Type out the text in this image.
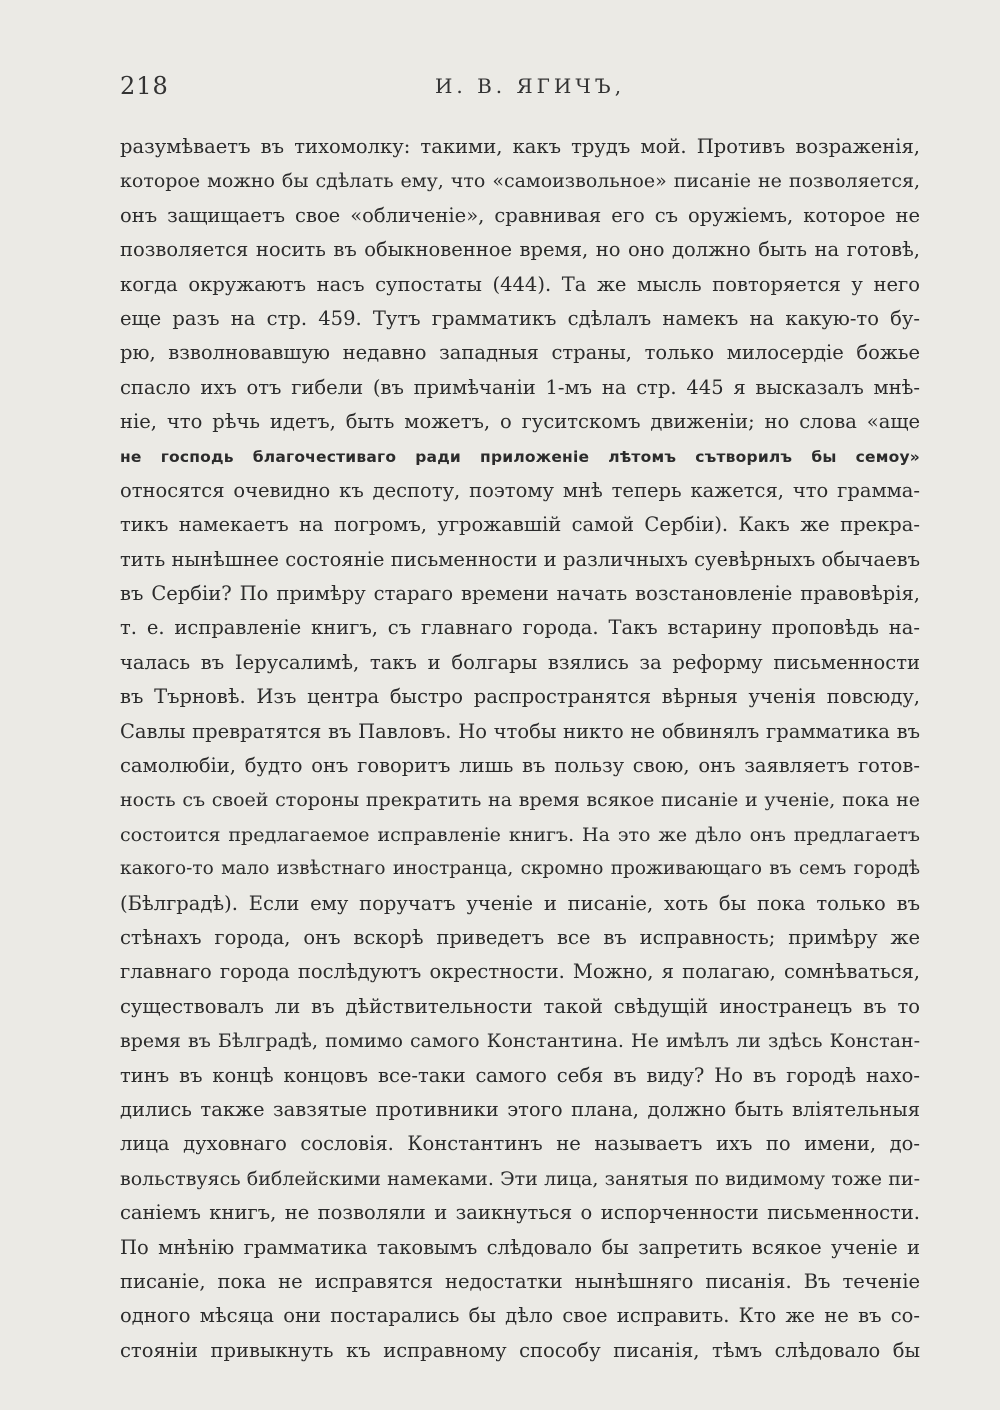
218	И. В. ЯГИЧЪ,
разумѣваетъ въ тихомолку: такими, какъ трудъ мой. Противъ возраженія,
которое можно бы сдѣлать ему, что «самоизвольное» писаніе не позволяется,
онъ защищаетъ свое «обличеніе», сравнивая его съ оружіемъ, которое не
позволяется носить въ обыкновенное время, но оно должно быть на готовѣ,
когда окружаютъ насъ супостаты (444). Та же мысль повторяется у него
еще разъ на стр. 459. Тутъ грамматикъ сдѣлалъ намекъ на какую-то бу-
рю, взволновавшую недавно западныя страны, только милосердіе божье
спасло ихъ отъ гибели (въ примѣчаніи 1-мъ на стр. 445 я высказалъ мнѣ-
ніе, что рѣчь идетъ, быть можетъ, о гуситскомъ движеніи; но слова «аще
не господь благочестиваго ради приложеніе лѣтомъ сътворилъ бы семоу»
относятся очевидно къ деспоту, поэтому мнѣ теперь кажется, что грамма-
тикъ намекаетъ на погромъ, угрожавшій самой Сербіи). Какъ же прекра-
тить нынѣшнее состояніе письменности и различныхъ суевѣрныхъ обычаевъ
въ Сербіи? По примѣру стараго времени начать возстановленіе правовѣрія,
т. е. исправленіе книгъ, съ главнаго города. Такъ встарину проповѣдь на-
чалась въ Іерусалимѣ, такъ и болгары взялись за реформу письменности
въ Търновѣ. Изъ центра быстро распространятся вѣрныя ученія повсюду,
Савлы превратятся въ Павловъ. Но чтобы никто не обвинялъ грамматика въ
самолюбіи, будто онъ говоритъ лишь въ пользу свою, онъ заявляетъ готов-
ность съ своей стороны прекратить на время всякое писаніе и ученіе, пока не
состоится предлагаемое исправленіе книгъ. На это же дѣло онъ предлагаетъ
какого-то мало извѣстнаго иностранца, скромно проживающаго въ семъ городѣ
(Бѣлградѣ). Если ему поручатъ ученіе и писаніе, хоть бы пока только въ
стѣнахъ города, онъ вскорѣ приведетъ все въ исправность; примѣру же
главнаго города послѣдуютъ окрестности. Можно, я полагаю, сомнѣваться,
существовалъ ли въ дѣйствительности такой свѣдущій иностранецъ въ то
время въ Бѣлградѣ, помимо самого Константина. Не имѣлъ ли здѣсь Констан-
тинъ въ концѣ концовъ все-таки самого себя въ виду? Но въ городѣ нахо-
дились также завзятые противники этого плана, должно быть вліятельныя
лица духовнаго сословія. Константинъ не называетъ ихъ по имени, до-
вольствуясь библейскими намеками. Эти лица, занятыя по видимому тоже пи-
саніемъ книгъ, не позволяли и заикнуться о испорченности письменности.
По мнѣнію грамматика таковымъ слѣдовало бы запретить всякое ученіе и
писаніе, пока не исправятся недостатки нынѣшняго писанія. Въ теченіе
одного мѣсяца они постарались бы дѣло свое исправить. Кто же не въ со-
стояніи привыкнуть къ исправному способу писанія, тѣмъ слѣдовало бы
